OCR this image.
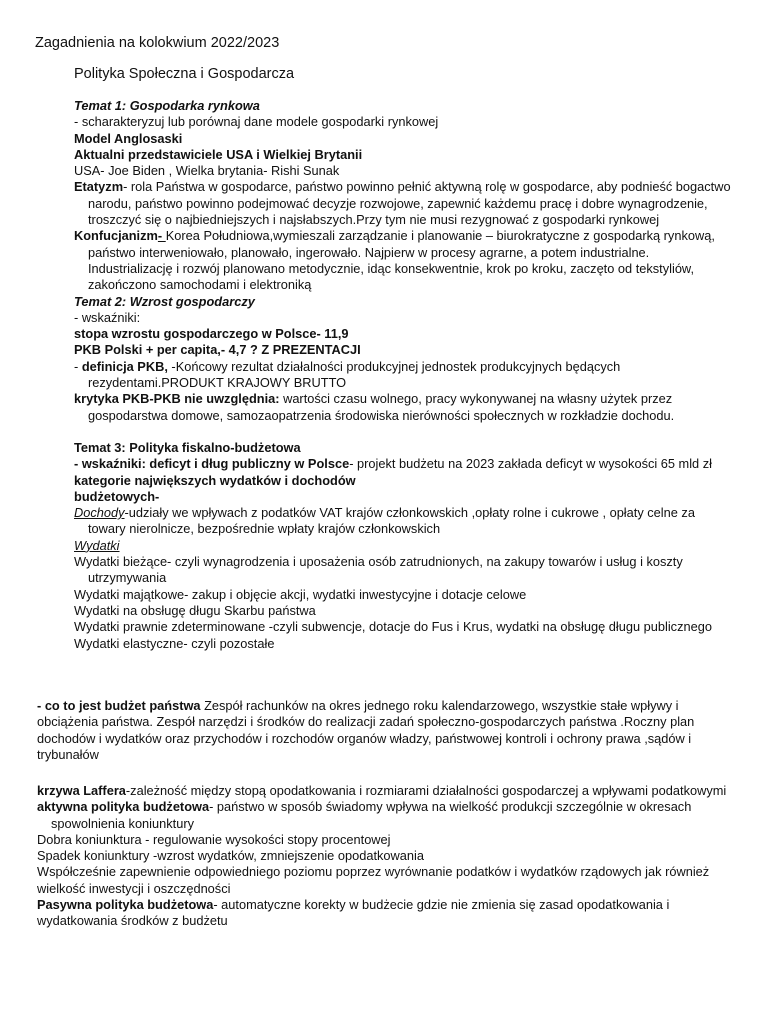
Zagadnienia na kolokwium 2022/2023
Polityka Społeczna i Gospodarcza

Temat 1: Gospodarka rynkowa

- scharakteryzuj lub porównaj dane modele gospodarki rynkowej

Model Anglosaski

Aktualni przedstawiciele USA i Wielkiej Brytanii

USA- Joe Biden , Wielka brytania- Rishi Sunak

Etatyzm- rola Państwa w gospodarce, państwo powinno pełnić aktywną rolę w gospodarce, aby podnieść bogactwo narodu, państwo powinno podejmować decyzje rozwojowe, zapewnić każdemu pracę i dobre wynagrodzenie, troszczyć się o najbiedniejszych i najsłabszych.Przy tym nie musi rezygnować z gospodarki rynkowej

Konfucjanizm- Korea Południowa,wymieszali zarządzanie i planowanie – biurokratyczne z gospodarką rynkową, państwo interweniowało, planowało, ingerowało. Najpierw w procesy agrarne, a potem industrialne. Industrializację i rozwój planowano metodycznie, idąc konsekwentnie, krok po kroku, zaczęto od tekstyliów, zakończono samochodami i elektroniką

Temat 2: Wzrost gospodarczy

- wskaźniki:

stopa wzrostu gospodarczego w Polsce- 11,9

PKB Polski + per capita,- 4,7 ? Z PREZENTACJI

- definicja PKB, -Końcowy rezultat działalności produkcyjnej jednostek produkcyjnych będących rezydentami.PRODUKT KRAJOWY BRUTTO

krytyka PKB-PKB nie uwzględnia: wartości czasu wolnego, pracy wykonywanej na własny użytek przez gospodarstwa domowe, samozaopatrzenia środowiska nierówności społecznych w rozkładzie dochodu.

Temat 3: Polityka fiskalno-budżetowa

- wskaźniki: deficyt i dług publiczny w Polsce- projekt budżetu na 2023 zakłada deficyt w wysokości 65 mld zł

kategorie największych wydatków i dochodów

budżetowych-

Dochody-udziały we wpływach z podatków VAT krajów członkowskich ,opłaty rolne i cukrowe , opłaty celne za towary nierolnicze, bezpośrednie wpłaty krajów członkowskich

Wydatki

Wydatki bieżące- czyli wynagrodzenia i uposażenia osób zatrudnionych, na zakupy towarów i usług i koszty utrzymywania

Wydatki majątkowe- zakup i objęcie akcji, wydatki inwestycyjne i dotacje celowe

Wydatki na obsługę długu Skarbu państwa

Wydatki prawnie zdeterminowane -czyli subwencje, dotacje do Fus i Krus, wydatki na obsługę długu publicznego

Wydatki elastyczne- czyli pozostałe

- co to jest budżet państwa Zespół rachunków na okres jednego roku kalendarzowego, wszystkie stałe wpływy i obciążenia państwa. Zespół narzędzi i środków do realizacji zadań społeczno-gospodarczych państwa .Roczny plan dochodów i wydatków oraz przychodów i rozchodów organów władzy, państwowej kontroli i ochrony prawa ,sądów i trybunałów

krzywa Laffera-zależność między stopą opodatkowania i rozmiarami działalności gospodarczej a wpływami podatkowymi

aktywna polityka budżetowa- państwo w sposób świadomy wpływa na wielkość produkcji szczególnie w okresach spowolnienia koniunktury

Dobra koniunktura - regulowanie wysokości stopy procentowej

Spadek koniunktury -wzrost wydatków, zmniejszenie opodatkowania

Współcześnie zapewnienie odpowiedniego poziomu poprzez wyrównanie podatków i wydatków rządowych jak również wielkość inwestycji i oszczędności

Pasywna polityka budżetowa- automatyczne korekty w budżecie gdzie nie zmienia się zasad opodatkowania i wydatkowania środków z budżetu
